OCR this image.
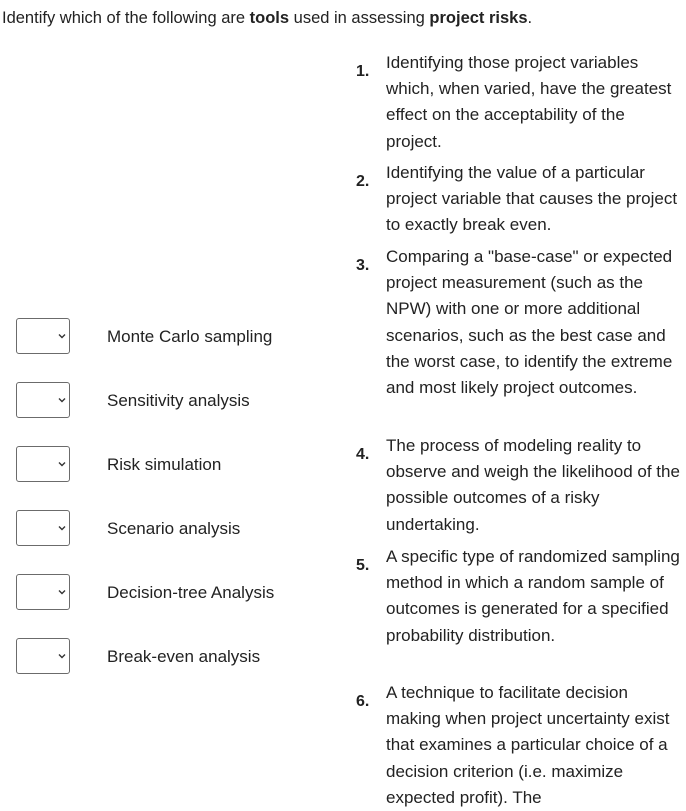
Identify which of the following are tools used in assessing project risks.
Monte Carlo sampling
Sensitivity analysis
Risk simulation
Scenario analysis
Decision-tree Analysis
Break-even analysis
1. Identifying those project variables which, when varied, have the greatest effect on the acceptability of the project.
2. Identifying the value of a particular project variable that causes the project to exactly break even.
3. Comparing a "base-case" or expected project measurement (such as the NPW) with one or more additional scenarios, such as the best case and the worst case, to identify the extreme and most likely project outcomes.
4. The process of modeling reality to observe and weigh the likelihood of the possible outcomes of a risky undertaking.
5. A specific type of randomized sampling method in which a random sample of outcomes is generated for a specified probability distribution.
6. A technique to facilitate decision making when project uncertainty exist that examines a particular choice of a decision criterion (i.e. maximize expected profit). The
